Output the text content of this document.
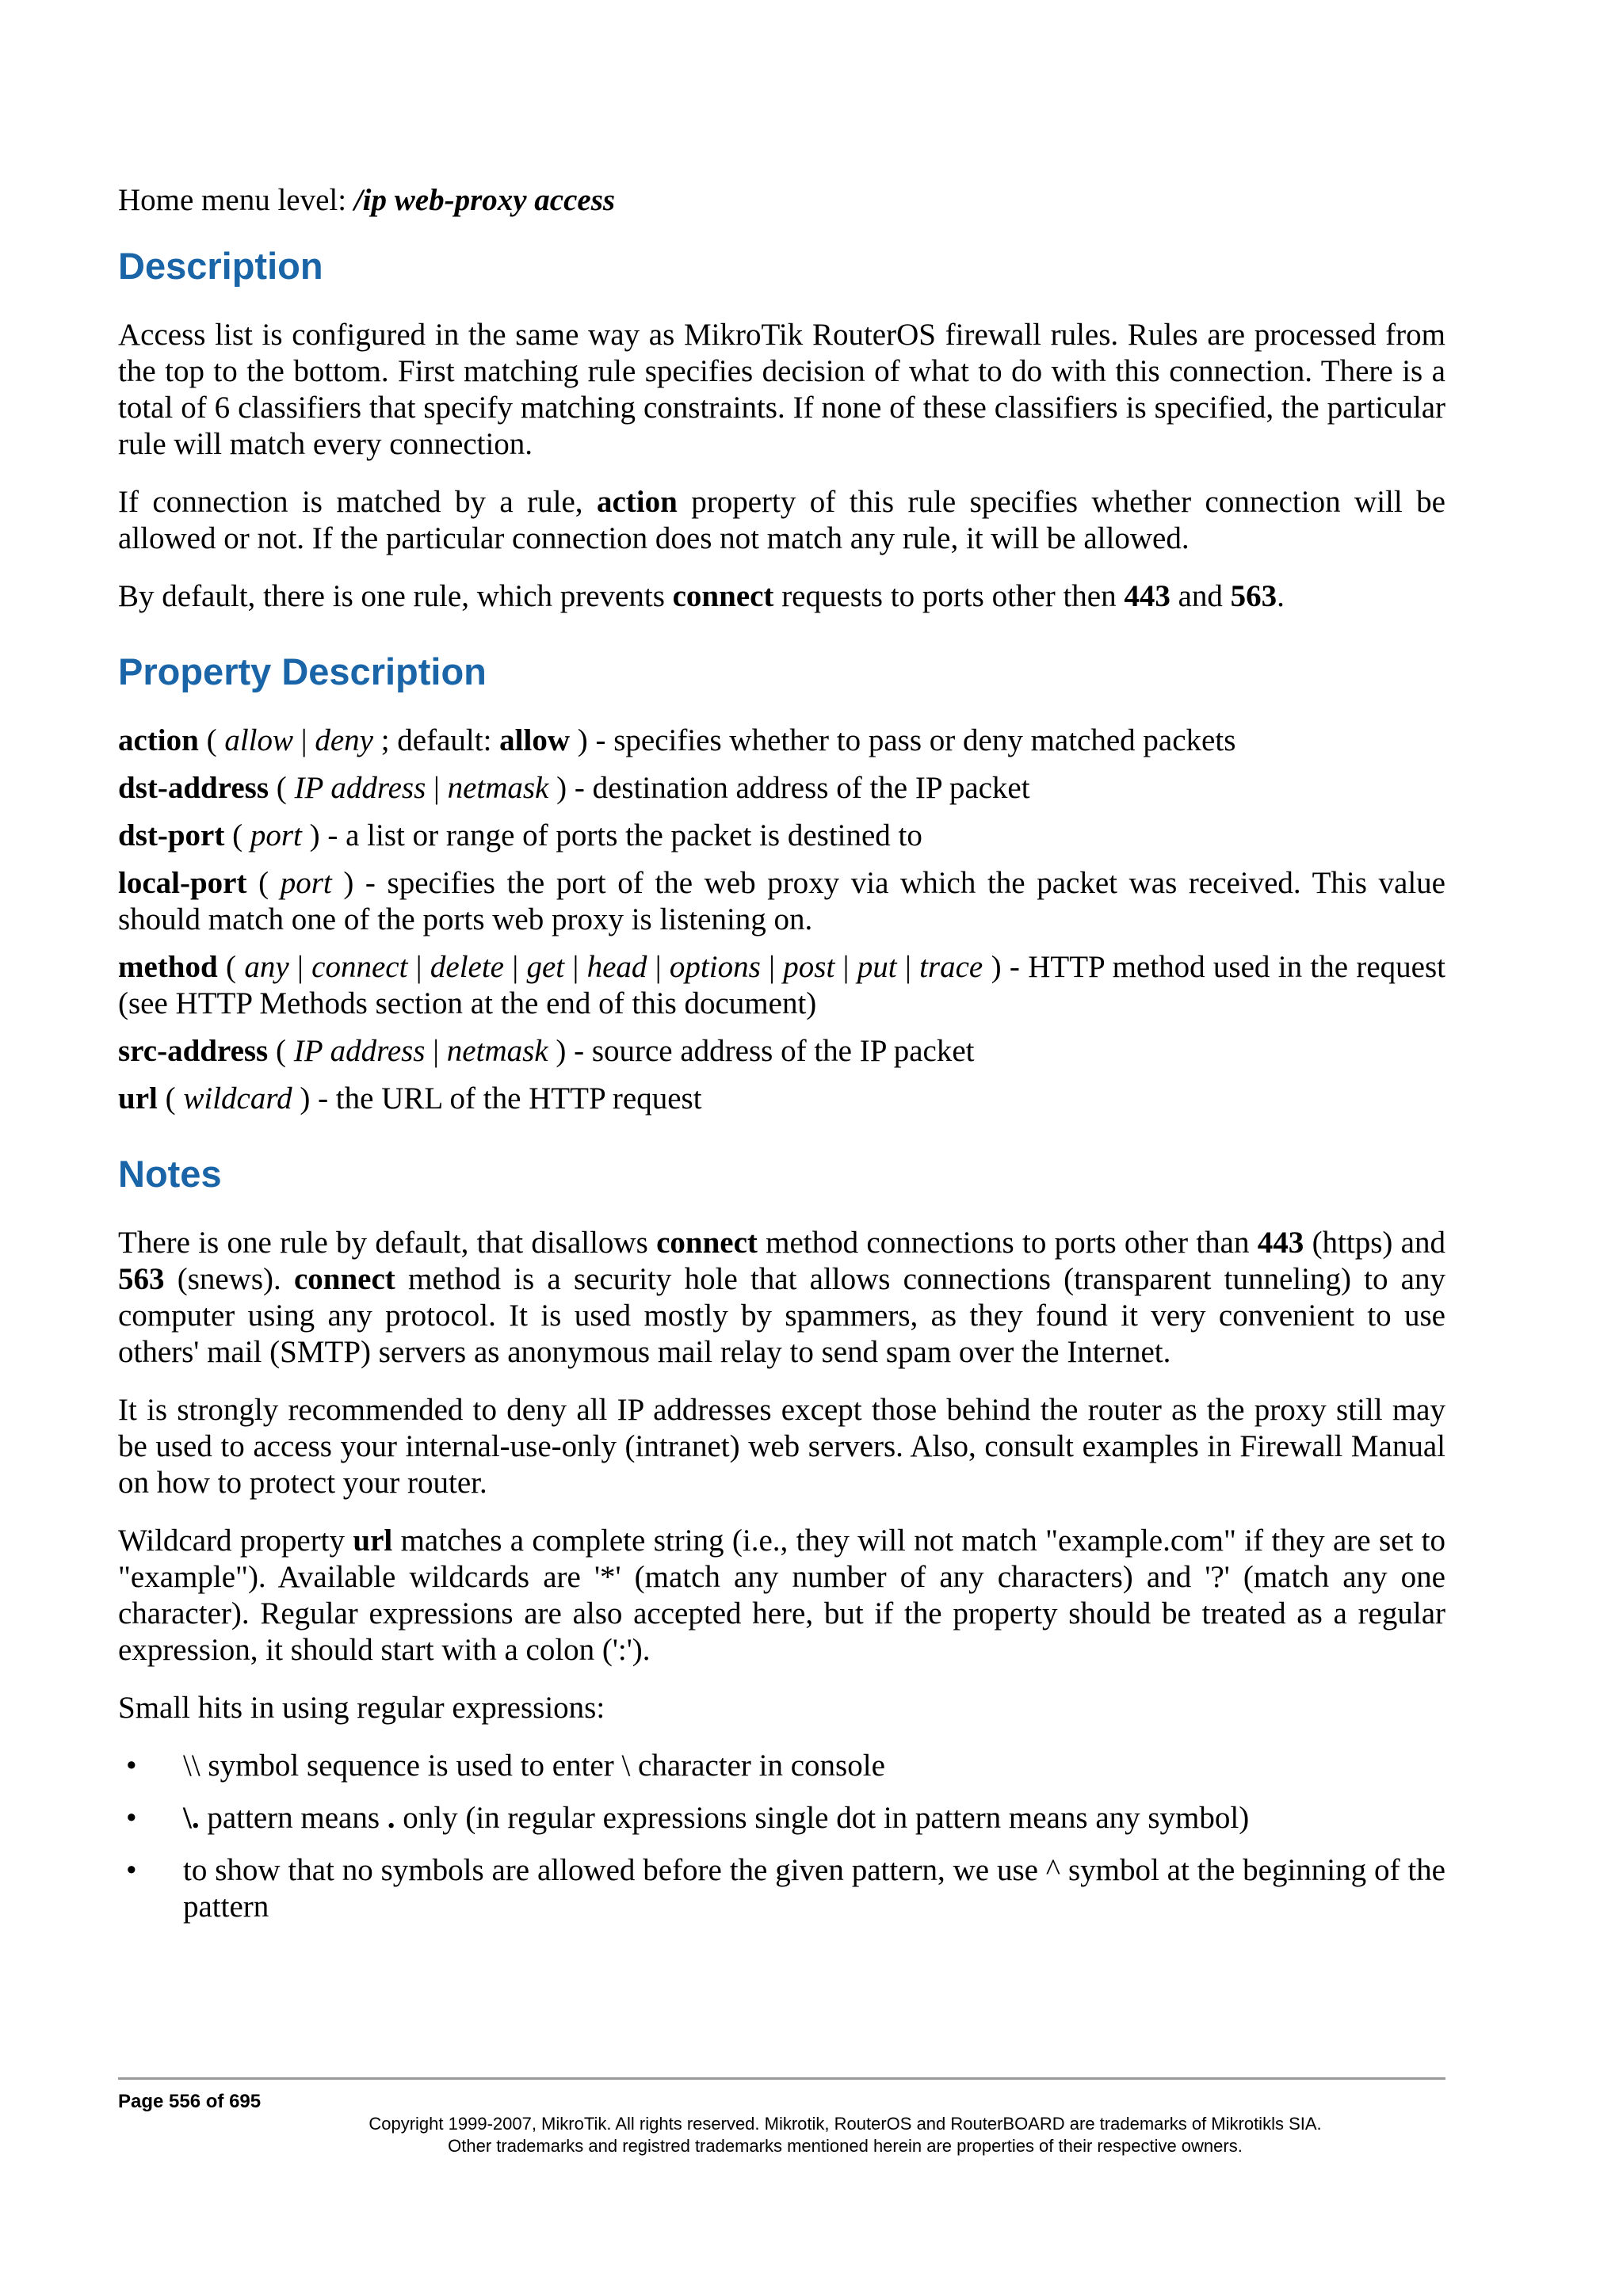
Home menu level: /ip web-proxy access
Description

Access list is configured in the same way as MikroTik RouterOS firewall rules. Rules are processed from the top to the bottom. First matching rule specifies decision of what to do with this connection. There is a total of 6 classifiers that specify matching constraints. If none of these classifiers is specified, the particular rule will match every connection.

If connection is matched by a rule, action property of this rule specifies whether connection will be allowed or not. If the particular connection does not match any rule, it will be allowed.

By default, there is one rule, which prevents connect requests to ports other then 443 and 563.

Property Description
action ( allow | deny ; default: allow ) - specifies whether to pass or deny matched packets
dst-address ( IP address | netmask ) - destination address of the IP packet
dst-port ( port ) - a list or range of ports the packet is destined to
local-port ( port ) - specifies the port of the web proxy via which the packet was received. This value should match one of the ports web proxy is listening on.
method ( any | connect | delete | get | head | options | post | put | trace ) - HTTP method used in the request (see HTTP Methods section at the end of this document)
src-address ( IP address | netmask ) - source address of the IP packet
url ( wildcard ) - the URL of the HTTP request
Notes

There is one rule by default, that disallows connect method connections to ports other than 443 (https) and 563 (snews). connect method is a security hole that allows connections (transparent tunneling) to any computer using any protocol. It is used mostly by spammers, as they found it very convenient to use others' mail (SMTP) servers as anonymous mail relay to send spam over the Internet.

It is strongly recommended to deny all IP addresses except those behind the router as the proxy still may be used to access your internal-use-only (intranet) web servers. Also, consult examples in Firewall Manual on how to protect your router.

Wildcard property url matches a complete string (i.e., they will not match "example.com" if they are set to "example"). Available wildcards are '*' (match any number of any characters) and '?' (match any one character). Regular expressions are also accepted here, but if the property should be treated as a regular expression, it should start with a colon (':').

Small hits in using regular expressions:

• \\ symbol sequence is used to enter \ character in console
• \. pattern means . only (in regular expressions single dot in pattern means any symbol)
• to show that no symbols are allowed before the given pattern, we use ^ symbol at the beginning of the pattern
Page 556 of 695
Copyright 1999-2007, MikroTik. All rights reserved. Mikrotik, RouterOS and RouterBOARD are trademarks of Mikrotikls SIA.
Other trademarks and registred trademarks mentioned herein are properties of their respective owners.
